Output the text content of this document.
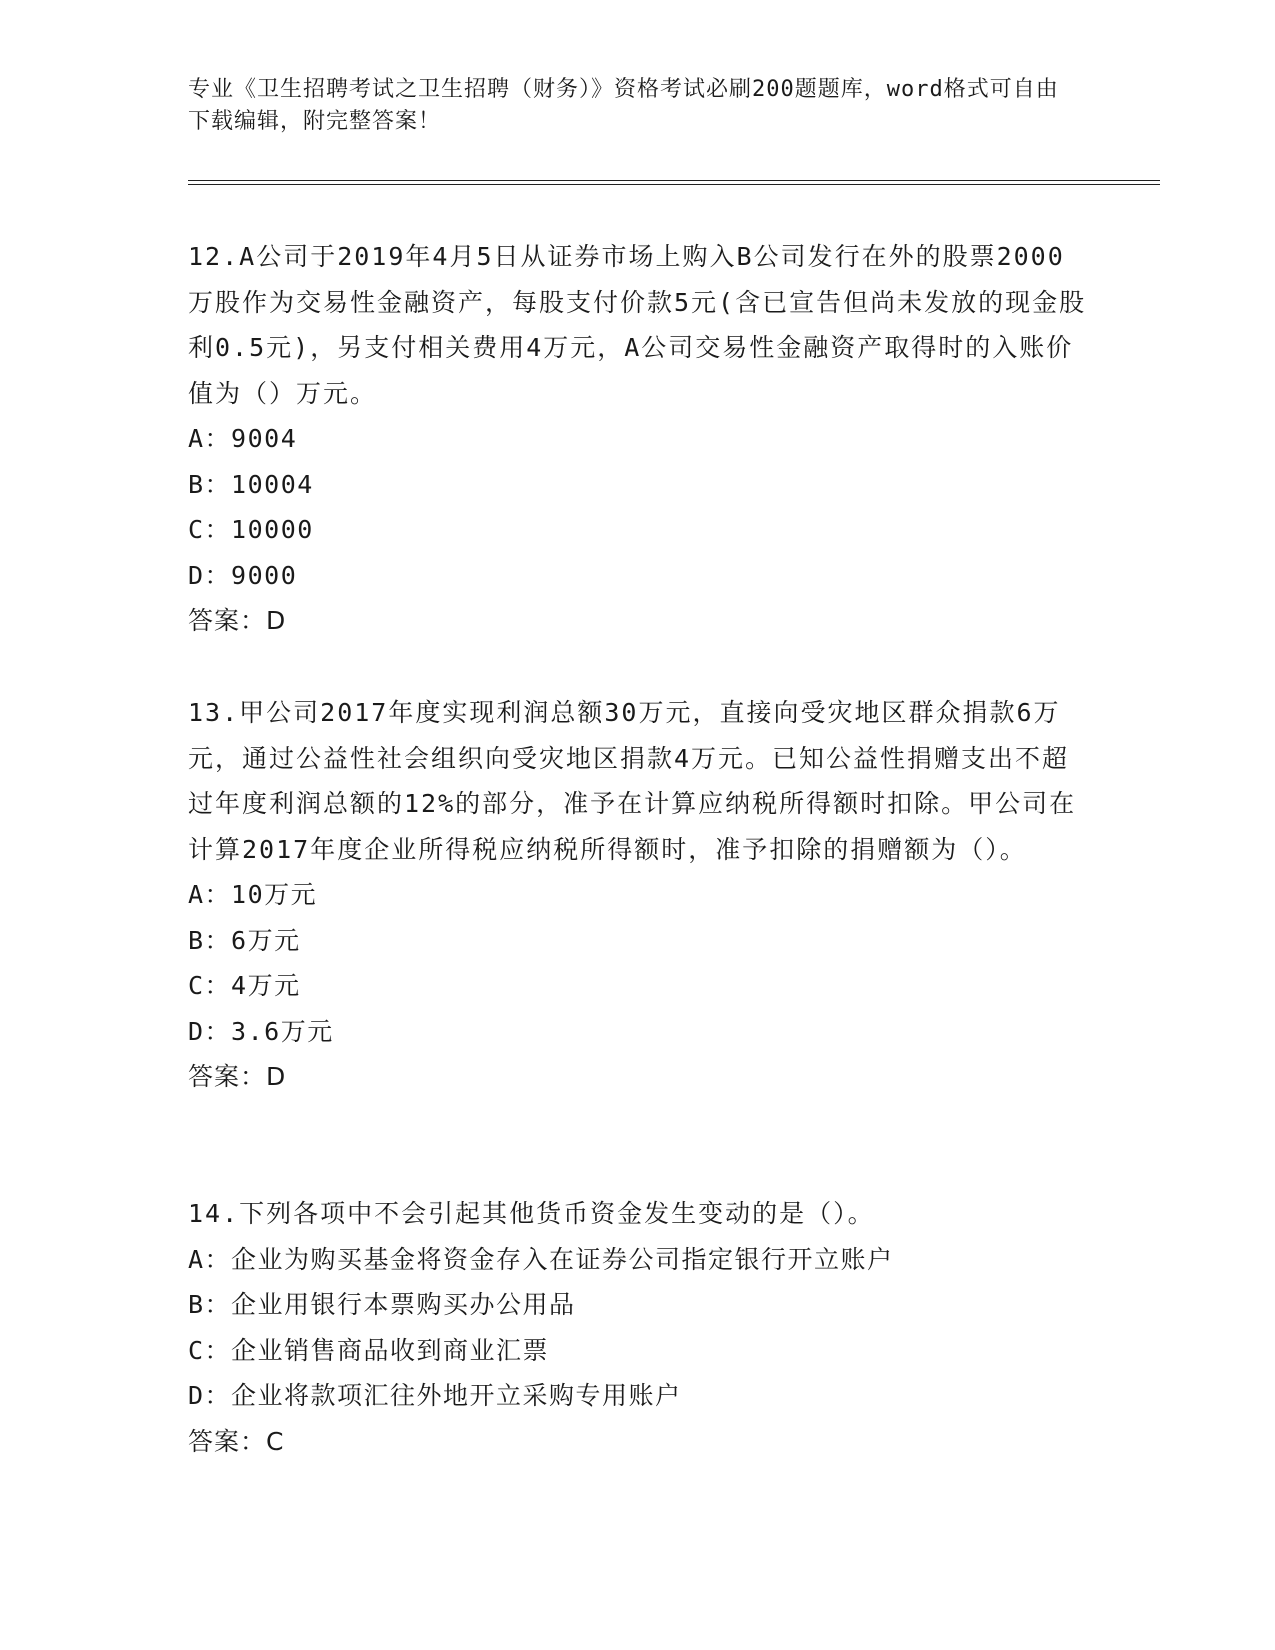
专业《卫生招聘考试之卫生招聘（财务）》资格考试必刷200题题库，word格式可自由下载编辑，附完整答案！

12.A公司于2019年4月5日从证券市场上购入B公司发行在外的股票2000万股作为交易性金融资产，每股支付价款5元(含已宣告但尚未发放的现金股利0.5元)，另支付相关费用4万元，A公司交易性金融资产取得时的入账价值为（）万元。

A：9004

B：10004

C：10000

D：9000

答案：D

13.甲公司2017年度实现利润总额30万元，直接向受灾地区群众捐款6万元，通过公益性社会组织向受灾地区捐款4万元。已知公益性捐赠支出不超过年度利润总额的12%的部分，准予在计算应纳税所得额时扣除。甲公司在计算2017年度企业所得税应纳税所得额时，准予扣除的捐赠额为（）。

A：10万元

B：6万元

C：4万元

D：3.6万元

答案：D

14.下列各项中不会引起其他货币资金发生变动的是（）。

A：企业为购买基金将资金存入在证券公司指定银行开立账户

B：企业用银行本票购买办公用品

C：企业销售商品收到商业汇票

D：企业将款项汇往外地开立采购专用账户

答案：C
